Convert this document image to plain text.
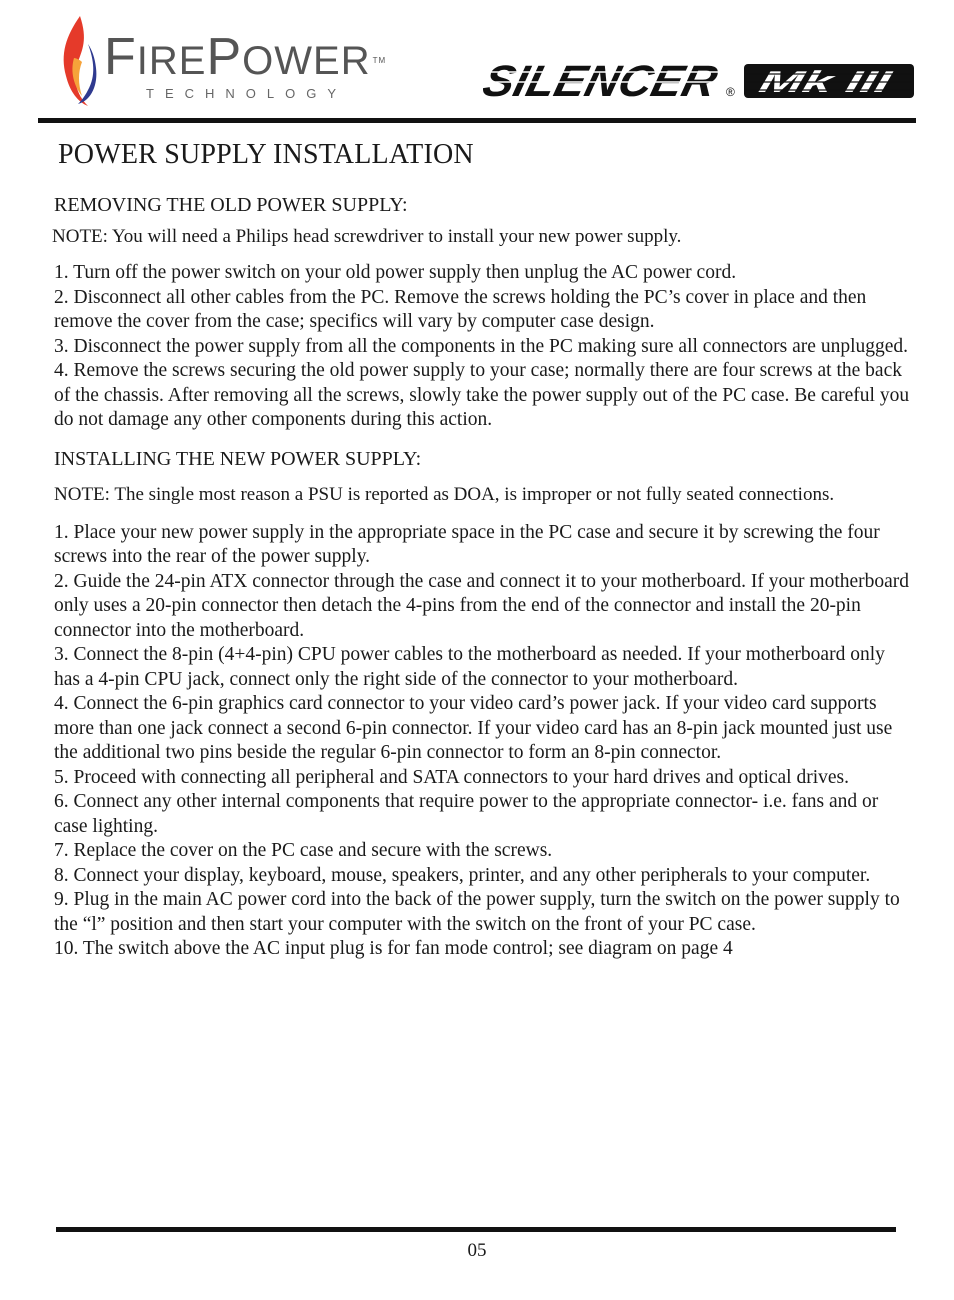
FIREPOWER ™
TECHNOLOGY	SILENCER	® Mk III
POWER SUPPLY INSTALLATION

REMOVING THE OLD POWER SUPPLY:

NOTE: You will need a Philips head screwdriver to install your new power supply.

1. Turn off the power switch on your old power supply then unplug the AC power cord.

2. Disconnect all other cables from the PC. Remove the screws holding the PC’s cover in place and then remove the cover from the case; specifics will vary by computer case design.

3. Disconnect the power supply from all the components in the PC making sure all connectors are unplugged.

4. Remove the screws securing the old power supply to your case; normally there are four screws at the back of the chassis. After removing all the screws, slowly take the power supply out of the PC case. Be careful you do not damage any other components during this action.

INSTALLING THE NEW POWER SUPPLY:

NOTE: The single most reason a PSU is reported as DOA, is improper or not fully seated connections.

1. Place your new power supply in the appropriate space in the PC case and secure it by screwing the four screws into the rear of the power supply.

2. Guide the 24-pin ATX connector through the case and connect it to your motherboard. If your motherboard only uses a 20-pin connector then detach the 4-pins from the end of the connector and install the 20-pin connector into the motherboard.

3. Connect the 8-pin (4+4-pin) CPU power cables to the motherboard as needed. If your motherboard only has a 4-pin CPU jack, connect only the right side of the connector to your motherboard.

4. Connect the 6-pin graphics card connector to your video card’s power jack. If your video card supports more than one jack connect a second 6-pin connector. If your video card has an 8-pin jack mounted just use the additional two pins beside the regular 6-pin connector to form an 8-pin connector.

5. Proceed with connecting all peripheral and SATA connectors to your hard drives and optical drives.

6. Connect any other internal components that require power to the appropriate connector- i.e. fans and or case lighting.

7. Replace the cover on the PC case and secure with the screws.

8. Connect your display, keyboard, mouse, speakers, printer, and any other peripherals to your computer.

9. Plug in the main AC power cord into the back of the power supply, turn the switch on the power supply to the “l” position and then start your computer with the switch on the front of your PC case.

10. The switch above the AC input plug is for fan mode control; see diagram on page 4

05
